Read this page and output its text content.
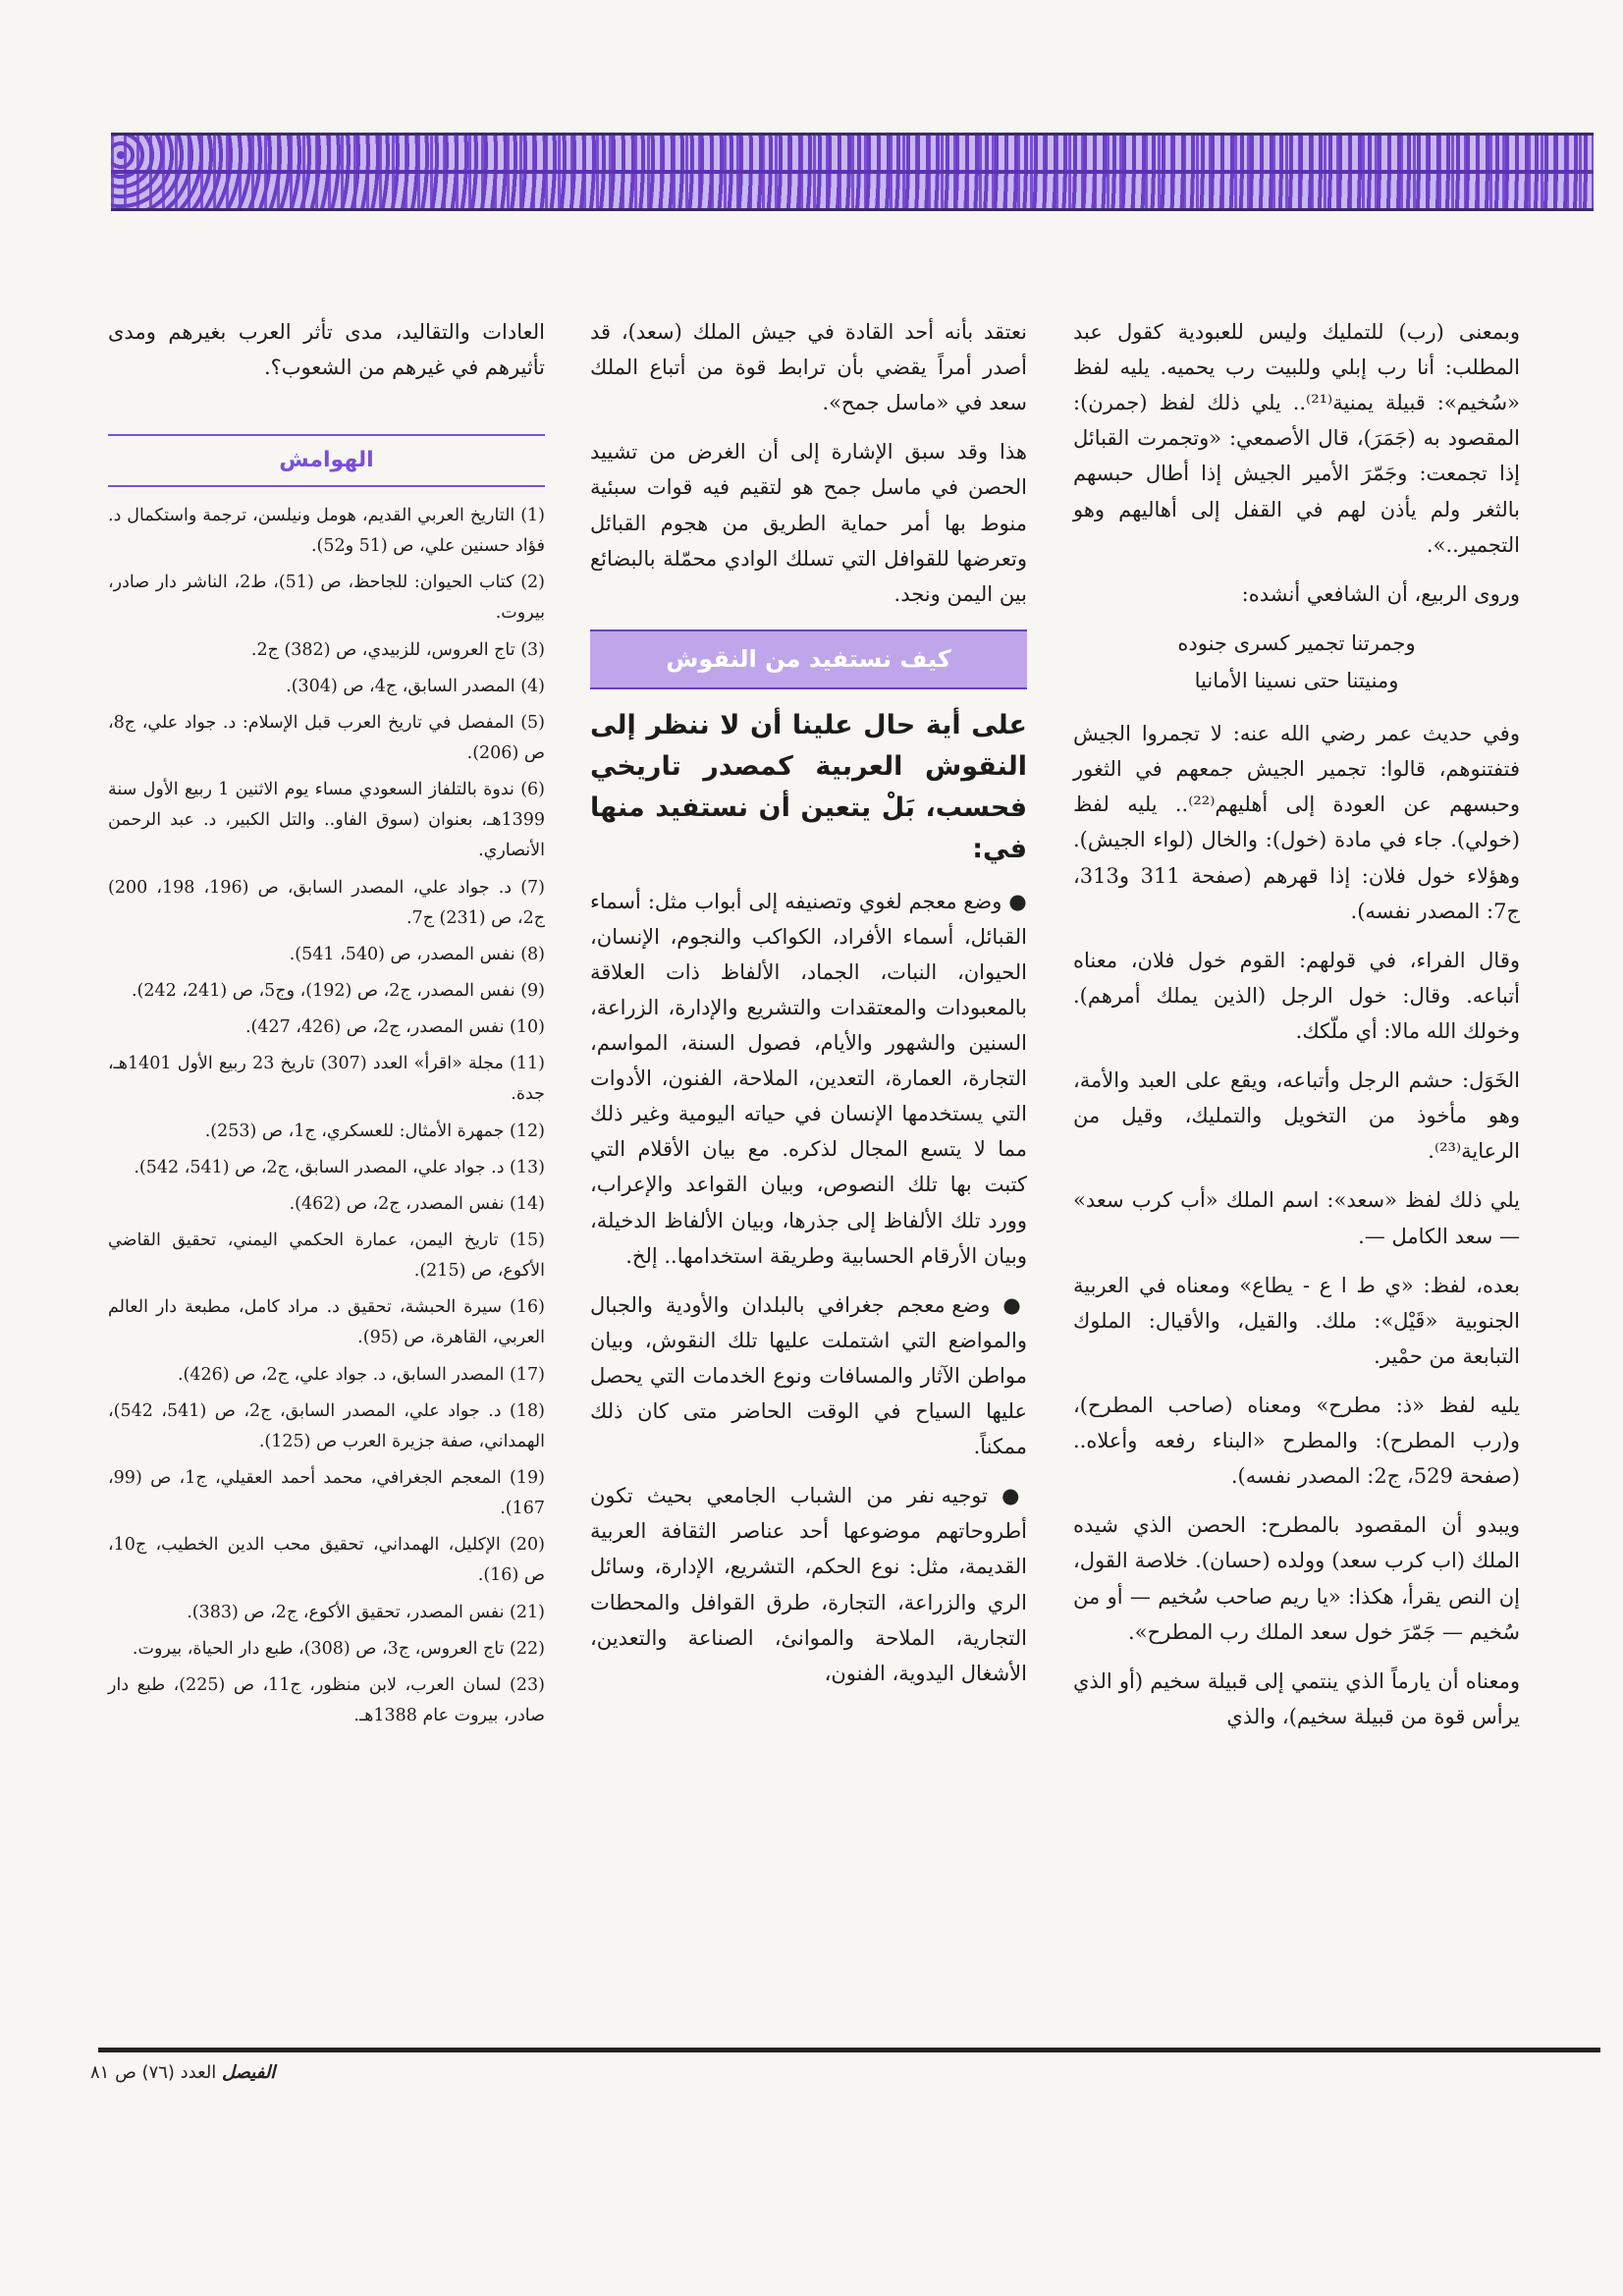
وبمعنى (رب) للتمليك وليس للعبودية كقول عبد المطلب: أنا رب إبلي وللبيت رب يحميه. يليه لفظ «سُخيم»: قبيلة يمنية⁽²¹⁾.. يلي ذلك لفظ (جمرن): المقصود به (جَمَرَ)، قال الأصمعي: «وتجمرت القبائل إذا تجمعت: وجَمّرَ الأمير الجيش إذا أطال حبسهم بالثغر ولم يأذن لهم في القفل إلى أهاليهم وهو التجمير..».

وروى الربيع، أن الشافعي أنشده:

وجمرتنا تجمير كسرى جنوده
ومنيتنا حتى نسينا الأمانيا

وفي حديث عمر رضي الله عنه: لا تجمروا الجيش فتفتنوهم، قالوا: تجمير الجيش جمعهم في الثغور وحبسهم عن العودة إلى أهليهم⁽²²⁾.. يليه لفظ (خولي). جاء في مادة (خول): والخال (لواء الجيش). وهؤلاء خول فلان: إذا قهرهم (صفحة 311 و313، ج7: المصدر نفسه).

وقال الفراء، في قولهم: القوم خول فلان، معناه أتباعه. وقال: خول الرجل (الذين يملك أمرهم). وخولك الله مالا: أي ملّكك.

الخَوَل: حشم الرجل وأتباعه، ويقع على العبد والأمة، وهو مأخوذ من التخويل والتمليك، وقيل من الرعاية⁽²³⁾.

يلي ذلك لفظ «سعد»: اسم الملك «أب كرب سعد» — سعد الكامل —.

بعده، لفظ: «ي ط ا ع - يطاع» ومعناه في العربية الجنوبية «قَيْل»: ملك. والقيل، والأقيال: الملوك التبابعة من حمْير.

يليه لفظ «ذ: مطرح» ومعناه (صاحب المطرح)، و(رب المطرح): والمطرح «البناء رفعه وأعلاه.. (صفحة 529، ج2: المصدر نفسه).

ويبدو أن المقصود بالمطرح: الحصن الذي شيده الملك (اب كرب سعد) وولده (حسان). خلاصة القول، إن النص يقرأ، هكذا: «يا ريم صاحب سُخيم — أو من سُخيم — جَمّرَ خول سعد الملك رب المطرح».

ومعناه أن يارماً الذي ينتمي إلى قبيلة سخيم (أو الذي يرأس قوة من قبيلة سخيم)، والذي

نعتقد بأنه أحد القادة في جيش الملك (سعد)، قد أصدر أمراً يقضي بأن ترابط قوة من أتباع الملك سعد في «ماسل جمح».

هذا وقد سبق الإشارة إلى أن الغرض من تشييد الحصن في ماسل جمح هو لتقيم فيه قوات سبئية منوط بها أمر حماية الطريق من هجوم القبائل وتعرضها للقوافل التي تسلك الوادي محمّلة بالبضائع بين اليمن ونجد.

كيف نستفيد من النقوش

على أية حال علينا أن لا ننظر إلى النقوش العربية كمصدر تاريخي فحسب، بَلْ يتعين أن نستفيد منها في:

● وضع معجم لغوي وتصنيفه إلى أبواب مثل: أسماء القبائل، أسماء الأفراد، الكواكب والنجوم، الإنسان، الحيوان، النبات، الجماد، الألفاظ ذات العلاقة بالمعبودات والمعتقدات والتشريع والإدارة، الزراعة، السنين والشهور والأيام، فصول السنة، المواسم، التجارة، العمارة، التعدين، الملاحة، الفنون، الأدوات التي يستخدمها الإنسان في حياته اليومية وغير ذلك مما لا يتسع المجال لذكره. مع بيان الأقلام التي كتبت بها تلك النصوص، وبيان القواعد والإعراب، وورد تلك الألفاظ إلى جذرها، وبيان الألفاظ الدخيلة، وبيان الأرقام الحسابية وطريقة استخدامها.. إلخ.

● وضع معجم جغرافي بالبلدان والأودية والجبال والمواضع التي اشتملت عليها تلك النقوش، وبيان مواطن الآثار والمسافات ونوع الخدمات التي يحصل عليها السياح في الوقت الحاضر متى كان ذلك ممكناً.

● توجيه نفر من الشباب الجامعي بحيث تكون أطروحاتهم موضوعها أحد عناصر الثقافة العربية القديمة، مثل: نوع الحكم، التشريع، الإدارة، وسائل الري والزراعة، التجارة، طرق القوافل والمحطات التجارية، الملاحة والموانئ، الصناعة والتعدين، الأشغال اليدوية، الفنون،

العادات والتقاليد، مدى تأثر العرب بغيرهم ومدى تأثيرهم في غيرهم من الشعوب؟.

الهوامش
(1) التاريخ العربي القديم، هومل ونيلسن، ترجمة واستكمال د. فؤاد حسنين علي، ص (51 و52).
(2) كتاب الحيوان: للجاحظ، ص (51)، ط2، الناشر دار صادر، بيروت.
(3) تاج العروس، للزبيدي، ص (382) ج2.
(4) المصدر السابق، ج4، ص (304).
(5) المفصل في تاريخ العرب قبل الإسلام: د. جواد علي، ج8، ص (206).
(6) ندوة بالتلفاز السعودي مساء يوم الاثنين 1 ربيع الأول سنة 1399هـ، بعنوان (سوق الفاو.. والتل الكبير، د. عبد الرحمن الأنصاري.
(7) د. جواد علي، المصدر السابق، ص (196، 198، 200) ج2، ص (231) ج7.
(8) نفس المصدر، ص (540، 541).
(9) نفس المصدر، ج2، ص (192)، وج5، ص (241، 242).
(10) نفس المصدر، ج2، ص (426، 427).
(11) مجلة «اقرأ» العدد (307) تاريخ 23 ربيع الأول 1401هـ، جدة.
(12) جمهرة الأمثال: للعسكري، ج1، ص (253).
(13) د. جواد علي، المصدر السابق، ج2، ص (541، 542).
(14) نفس المصدر، ج2، ص (462).
(15) تاريخ اليمن، عمارة الحكمي اليمني، تحقيق القاضي الأكوع، ص (215).
(16) سيرة الحبشة، تحقيق د. مراد كامل، مطبعة دار العالم العربي، القاهرة، ص (95).
(17) المصدر السابق، د. جواد علي، ج2، ص (426).
(18) د. جواد علي، المصدر السابق، ج2، ص (541، 542)، الهمداني، صفة جزيرة العرب ص (125).
(19) المعجم الجغرافي، محمد أحمد العقيلي، ج1، ص (99، 167).
(20) الإكليل، الهمداني، تحقيق محب الدين الخطيب، ج10، ص (16).
(21) نفس المصدر، تحقيق الأكوع، ج2، ص (383).
(22) تاج العروس، ج3، ص (308)، طبع دار الحياة، بيروت.
(23) لسان العرب، لابن منظور، ج11، ص (225)، طبع دار صادر، بيروت عام 1388هـ.
الفيصل العدد (٧٦) ص ٨١
